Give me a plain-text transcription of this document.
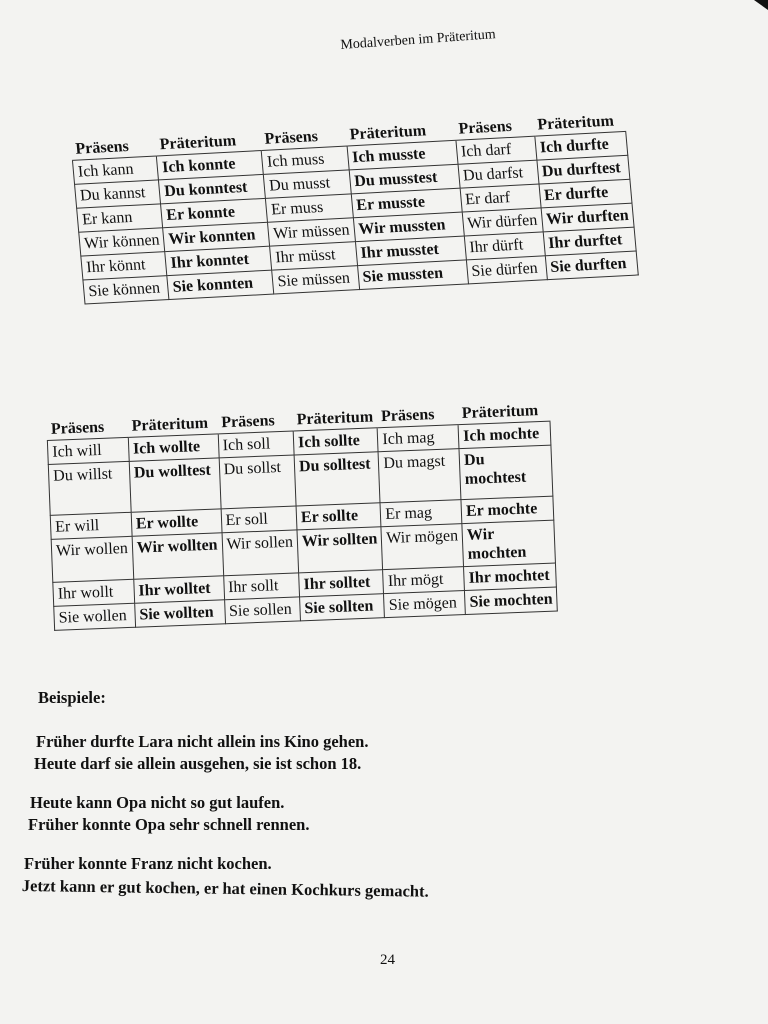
Modalverben im Präteritum
Präsens	Präteritum	Präsens	Präteritum	Präsens	Präteritum
Ich kann	Ich konnte	Ich muss	Ich musste	Ich darf	Ich durfte
Du kannst	Du konntest	Du musst	Du musstest	Du darfst	Du durftest
Er kann	Er konnte	Er muss	Er musste	Er darf	Er durfte
Wir können	Wir konnten	Wir müssen	Wir mussten	Wir dürfen	Wir durften
Ihr könnt	Ihr konntet	Ihr müsst	Ihr musstet	Ihr dürft	Ihr durftet
Sie können	Sie konnten	Sie müssen	Sie mussten	Sie dürfen	Sie durften
Präsens	Präteritum	Präsens	Präteritum	Präsens	Präteritum
Ich will	Ich wollte	Ich soll	Ich sollte	Ich mag	Ich mochte
Du willst	Du wolltest	Du sollst	Du solltest	Du magst	Du mochtest
Er will	Er wollte	Er soll	Er sollte	Er mag	Er mochte
Wir wollen	Wir wollten	Wir sollen	Wir sollten	Wir mögen	Wir mochten
Ihr wollt	Ihr wolltet	Ihr sollt	Ihr solltet	Ihr mögt	Ihr mochtet
Sie wollen	Sie wollten	Sie sollen	Sie sollten	Sie mögen	Sie mochten
Beispiele:
Früher durfte Lara nicht allein ins Kino gehen.
Heute darf sie allein ausgehen, sie ist schon 18.
Heute kann Opa nicht so gut laufen.
Früher konnte Opa sehr schnell rennen.
Früher konnte Franz nicht kochen.
Jetzt kann er gut kochen, er hat einen Kochkurs gemacht.
24
